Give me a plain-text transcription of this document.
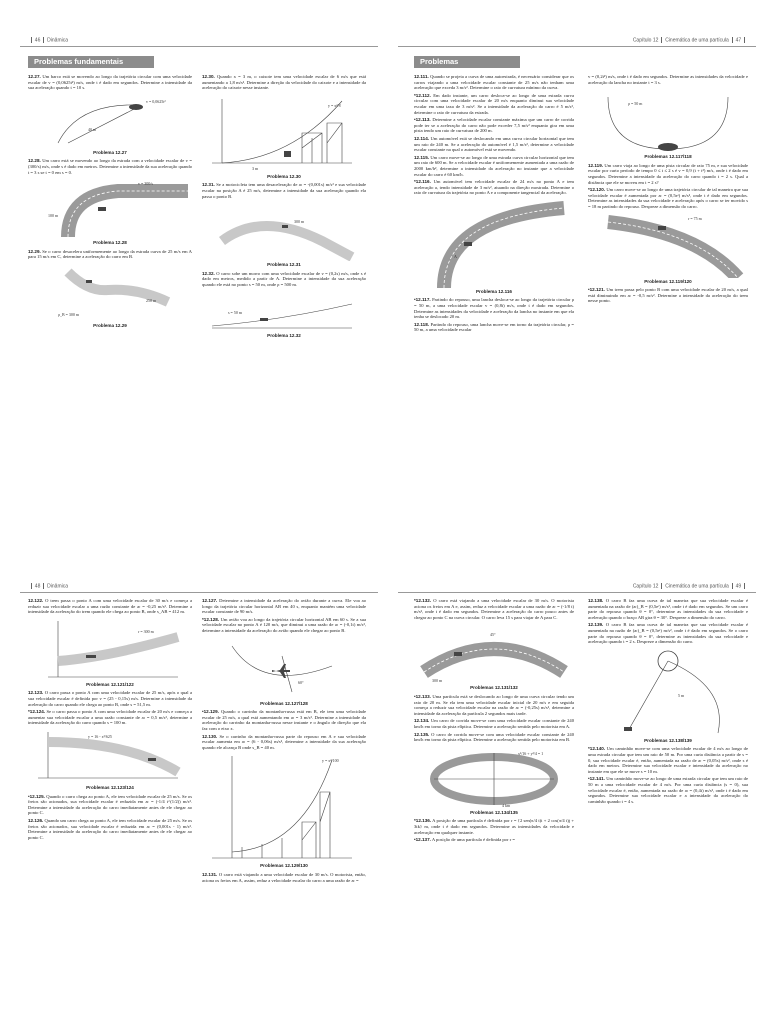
46 Dinâmica
Problemas fundamentais

12.27. Um barco está se movendo ao longo da trajetória circular com uma velocidade escalar de v = (0,0625t²) m/s, onde t é dado em segundos. Determine a intensidade da sua aceleração quando t = 10 s.

v = 0,0625t²
40 m
Problema 12.27

12.28. Um carro está se movendo ao longo da estrada com a velocidade escalar de v = (300/s) m/s, onde s é dado em metros. Determine a intensidade da sua aceleração quando t = 3 s se t = 0 em s = 0.

v = 300/s
100 m
Problema 12.28

12.29. Se o carro desacelera uniformemente ao longo da estrada curva de 25 m/s em A para 15 m/s em C, determine a aceleração do carro em B.

ρ_B = 300 m
250 m
Problema 12.29

12.30. Quando x = 3 m, o caixote tem uma velocidade escalar de 6 m/s que está aumentando a 1,8 m/s². Determine a direção da velocidade do caixote e a intensidade da aceleração do caixote nesse instante.

y = x²/8
3 m
Problema 12.30

12.31. Se a motocicleta tem uma desaceleração de aₜ = -(0,001s) m/s² e sua velocidade escalar na posição A é 25 m/s, determine a intensidade da sua aceleração quando ela passa o ponto B.

300 m
Problema 12.31

12.32. O carro sobe um morro com uma velocidade escalar de v = (0,2s) m/s, onde s é dado em metros, medido a partir de A. Determine a intensidade da sua aceleração quando ele está no ponto s = 50 m, onde ρ = 500 m.

s = 50 m
Problema 12.32
Capítulo 12 Cinemática de uma partícula 47
Problemas

12.111. Quando se projeta a curva de uma autoestrada, é necessário considerar que os carros viajando a uma velocidade escalar constante de 25 m/s não tenham uma aceleração que exceda 3 m/s². Determine o raio de curvatura mínimo da curva.

*12.112. Em dado instante, um carro desloca-se ao longo de uma estrada curva circular com uma velocidade escalar de 20 m/s enquanto diminui sua velocidade escalar em uma taxa de 3 m/s². Se a intensidade da aceleração do carro é 5 m/s², determine o raio de curvatura da estrada.

•12.113. Determine a velocidade escalar constante máxima que um carro de corrida pode ter se a aceleração do carro não pode exceder 7,5 m/s² enquanto gira em uma pista tendo um raio de curvatura de 200 m.

12.114. Um automóvel está se deslocando em uma curva circular horizontal que tem um raio de 240 m. Se a aceleração do automóvel é 1,5 m/s², determine a velocidade escalar constante na qual o automóvel está se movendo.

12.115. Um carro move-se ao longo de uma estrada curva circular horizontal que tem um raio de 600 m. Se a velocidade escalar é uniformemente aumentada a uma razão de 2000 km/h², determine a intensidade da aceleração no instante que a velocidade escalar do carro é 60 km/h.

*12.116. Um automóvel tem velocidade escalar de 24 m/s no ponto A e tem aceleração a, tendo intensidade de 3 m/s², atuando na direção mostrada. Determine o raio de curvatura da trajetória no ponto A e a componente tangencial da aceleração.

A
Problema 12.116

•12.117. Partindo do repouso, uma lancha desloca-se ao longo da trajetória circular ρ = 50 m, a uma velocidade escalar v = (0,8t) m/s, onde t é dado em segundos. Determine as intensidades da velocidade e aceleração da lancha no instante em que ela tenha se deslocado 20 m.

12.118. Partindo do repouso, uma lancha move-se em torno da trajetória circular, ρ = 50 m, a uma velocidade escalar

v = (0,2t²) m/s, onde t é dado em segundos. Determine as intensidades da velocidade e aceleração da lancha no instante t = 3 s.

ρ = 50 m
Problemas 12.117/118

12.119. Um carro viaja ao longo de uma pista circular de raio 75 m, e sua velocidade escalar por curto período de tempo 0 ≤ t ≤ 2 s é v = 0,9 (t + t²) m/s, onde t é dado em segundos. Determine a intensidade da aceleração do carro quando t = 2 s. Qual a distância que ele se moveu em t = 2 s?

*12.120. Um carro move-se ao longo de uma trajetória circular de tal maneira que sua velocidade escalar é aumentada por aₜ = (0,5eᵗ) m/s², onde t é dado em segundos. Determine as intensidades da sua velocidade e aceleração após o carro se ter movido s = 18 m partindo do repouso. Despreze a dimensão do carro.

r = 75 m
Problemas 12.119/120

•12.121. Um trem passa pelo ponto B com uma velocidade escalar de 20 m/s, a qual está diminuindo em aₜ = -0,5 m/s². Determine a intensidade da aceleração do trem nesse ponto.

48 Dinâmica

12.122. O trem passa o ponto A com uma velocidade escalar de 30 m/s e começa a reduzir sua velocidade escalar a uma razão constante de aₜ = -0,25 m/s². Determine a intensidade da aceleração do trem quando ele chega ao ponto B, onde s_AB = 412 m.

r = 300 m
Problemas 12.121/122

12.123. O carro passa o ponto A com uma velocidade escalar de 25 m/s, após o qual a sua velocidade escalar é definida por v = (25 - 0,15s) m/s. Determine a intensidade da aceleração do carro quando ele chega ao ponto B, onde s = 51,5 m.

*12.124. Se o carro passa o ponto A com uma velocidade escalar de 20 m/s e começa a aumentar sua velocidade escalar a uma razão constante de aₜ = 0,5 m/s², determine a intensidade da aceleração do carro quando s = 100 m.

y = 16 - x²/625
Problemas 12.123/124

•12.125. Quando o carro chega ao ponto A, ele tem velocidade escalar de 25 m/s. Se os freios são acionados, sua velocidade escalar é reduzida em aₜ = (-1/4 t^(1/2)) m/s². Determine a intensidade da aceleração do carro imediatamente antes de ele chegar ao ponto C.

12.126. Quando um carro chega ao ponto A, ele tem velocidade escalar de 25 m/s. Se os freios são acionados, sua velocidade escalar é reduzida em aₜ = (0,001s - 1) m/s². Determine a intensidade da aceleração do carro imediatamente antes de ele chegar ao ponto C.

12.127. Determine a intensidade da aceleração do avião durante a curva. Ele voa ao longo da trajetória circular horizontal AB em 40 s, enquanto mantém uma velocidade escalar constante de 90 m/s.

*12.128. Um avião voa ao longo da trajetória circular horizontal AB em 60 s. Se a sua velocidade escalar no ponto A é 120 m/s, que diminui a uma razão de aₜ = (-0,1t) m/s², determine a intensidade da aceleração do avião quando ele chegar ao ponto B.

60°
Problemas 12.127/128

•12.129. Quando o carrinho da montanha-russa está em B, ele tem uma velocidade escalar de 25 m/s, a qual está aumentando em aₜ = 3 m/s². Determine a intensidade da aceleração do carrinho da montanha-russa nesse instante e o ângulo de direção que ela faz com o eixo x.

12.130. Se o carrinho da montanha-russa parte do repouso em A e sua velocidade escalar aumenta em aₜ = (6 - 0,06s) m/s², determine a intensidade da sua aceleração quando ele alcança B onde s_B = 40 m.

y = x²/100
Problemas 12.129/130

12.131. O carro está viajando a uma velocidade escalar de 30 m/s. O motorista, então, aciona os freios em A, assim, reduz a velocidade escalar do carro a uma razão de aₜ =

Capítulo 12 Cinemática de uma partícula 49

*12.132. O carro está viajando a uma velocidade escalar de 30 m/s. O motorista aciona os freios em A e, assim, reduz a velocidade escalar a uma razão de aₜ = (-1/8 t) m/s², onde t é dado em segundos. Determine a aceleração do carro pouco antes de chegar ao ponto C na curva circular. O carro leva 15 s para viajar de A para C.

45°
300 m
Problemas 12.131/132

•12.133. Uma partícula está se deslocando ao longo de uma curva circular tendo um raio de 20 m. Se ela tem uma velocidade escalar inicial de 20 m/s e em seguida começa a reduzir sua velocidade escalar na razão de aₜ = (-0,25s) m/s², determine a intensidade da aceleração da partícula 2 segundos mais tarde.

12.134. Um carro de corrida move-se com uma velocidade escalar constante de 240 km/h em torno da pista elíptica. Determine a aceleração sentida pelo motorista em A.

12.135. O carro de corrida move-se com uma velocidade escalar constante de 240 km/h em torno da pista elíptica. Determine a aceleração sentida pelo motorista em B.

x²/16 + y²/4 = 1
4 km
Problemas 12.134/135

*12.136. A posição de uma partícula é definida por r = {2 sen(π/4 t)i + 2 cos(π/4 t)j + 3tk} m, onde t é dado em segundos. Determine as intensidades da velocidade e aceleração em qualquer instante.

•12.137. A posição de uma partícula é definida por r =

12.138. O carro B faz uma curva de tal maneira que sua velocidade escalar é aumentada na razão de (aₜ)_B = (0,5eᵗ) m/s², onde t é dado em segundos. Se um carro parte do repouso quando θ = 0°, determine as intensidades da sua velocidade e aceleração quando o braço AB gira θ = 30°. Despreze a dimensão do carro.

12.139. O carro B faz uma curva de tal maneira que sua velocidade escalar é aumentada na razão de (aₜ)_B = (0,5eᵗ) m/s², onde t é dado em segundos. Se o carro parte do repouso quando θ = 0°, determine as intensidades da sua velocidade e aceleração quando t = 2 s. Despreze a dimensão do carro.

5 m
Problemas 12.138/139

*12.140. Um caminhão move-se com uma velocidade escalar de 4 m/s ao longo de uma estrada circular que tem um raio de 50 m. Por uma curta distância a partir de s = 0, sua velocidade escalar é, então, aumentada na razão de aₜ = (0,05s) m/s², onde s é dado em metros. Determine sua velocidade escalar e intensidade da aceleração no instante em que ele se move s = 10 m.

•12.141. Um caminhão move-se ao longo de uma estrada circular que tem um raio de 50 m a uma velocidade escalar de 4 m/s. Por uma curta distância (s = 0), sua velocidade escalar é, então, aumentada na razão de aₜ = (0,4t) m/s², onde t é dado em segundos. Determine sua velocidade escalar e a intensidade da aceleração do caminhão quando t = 4 s.
